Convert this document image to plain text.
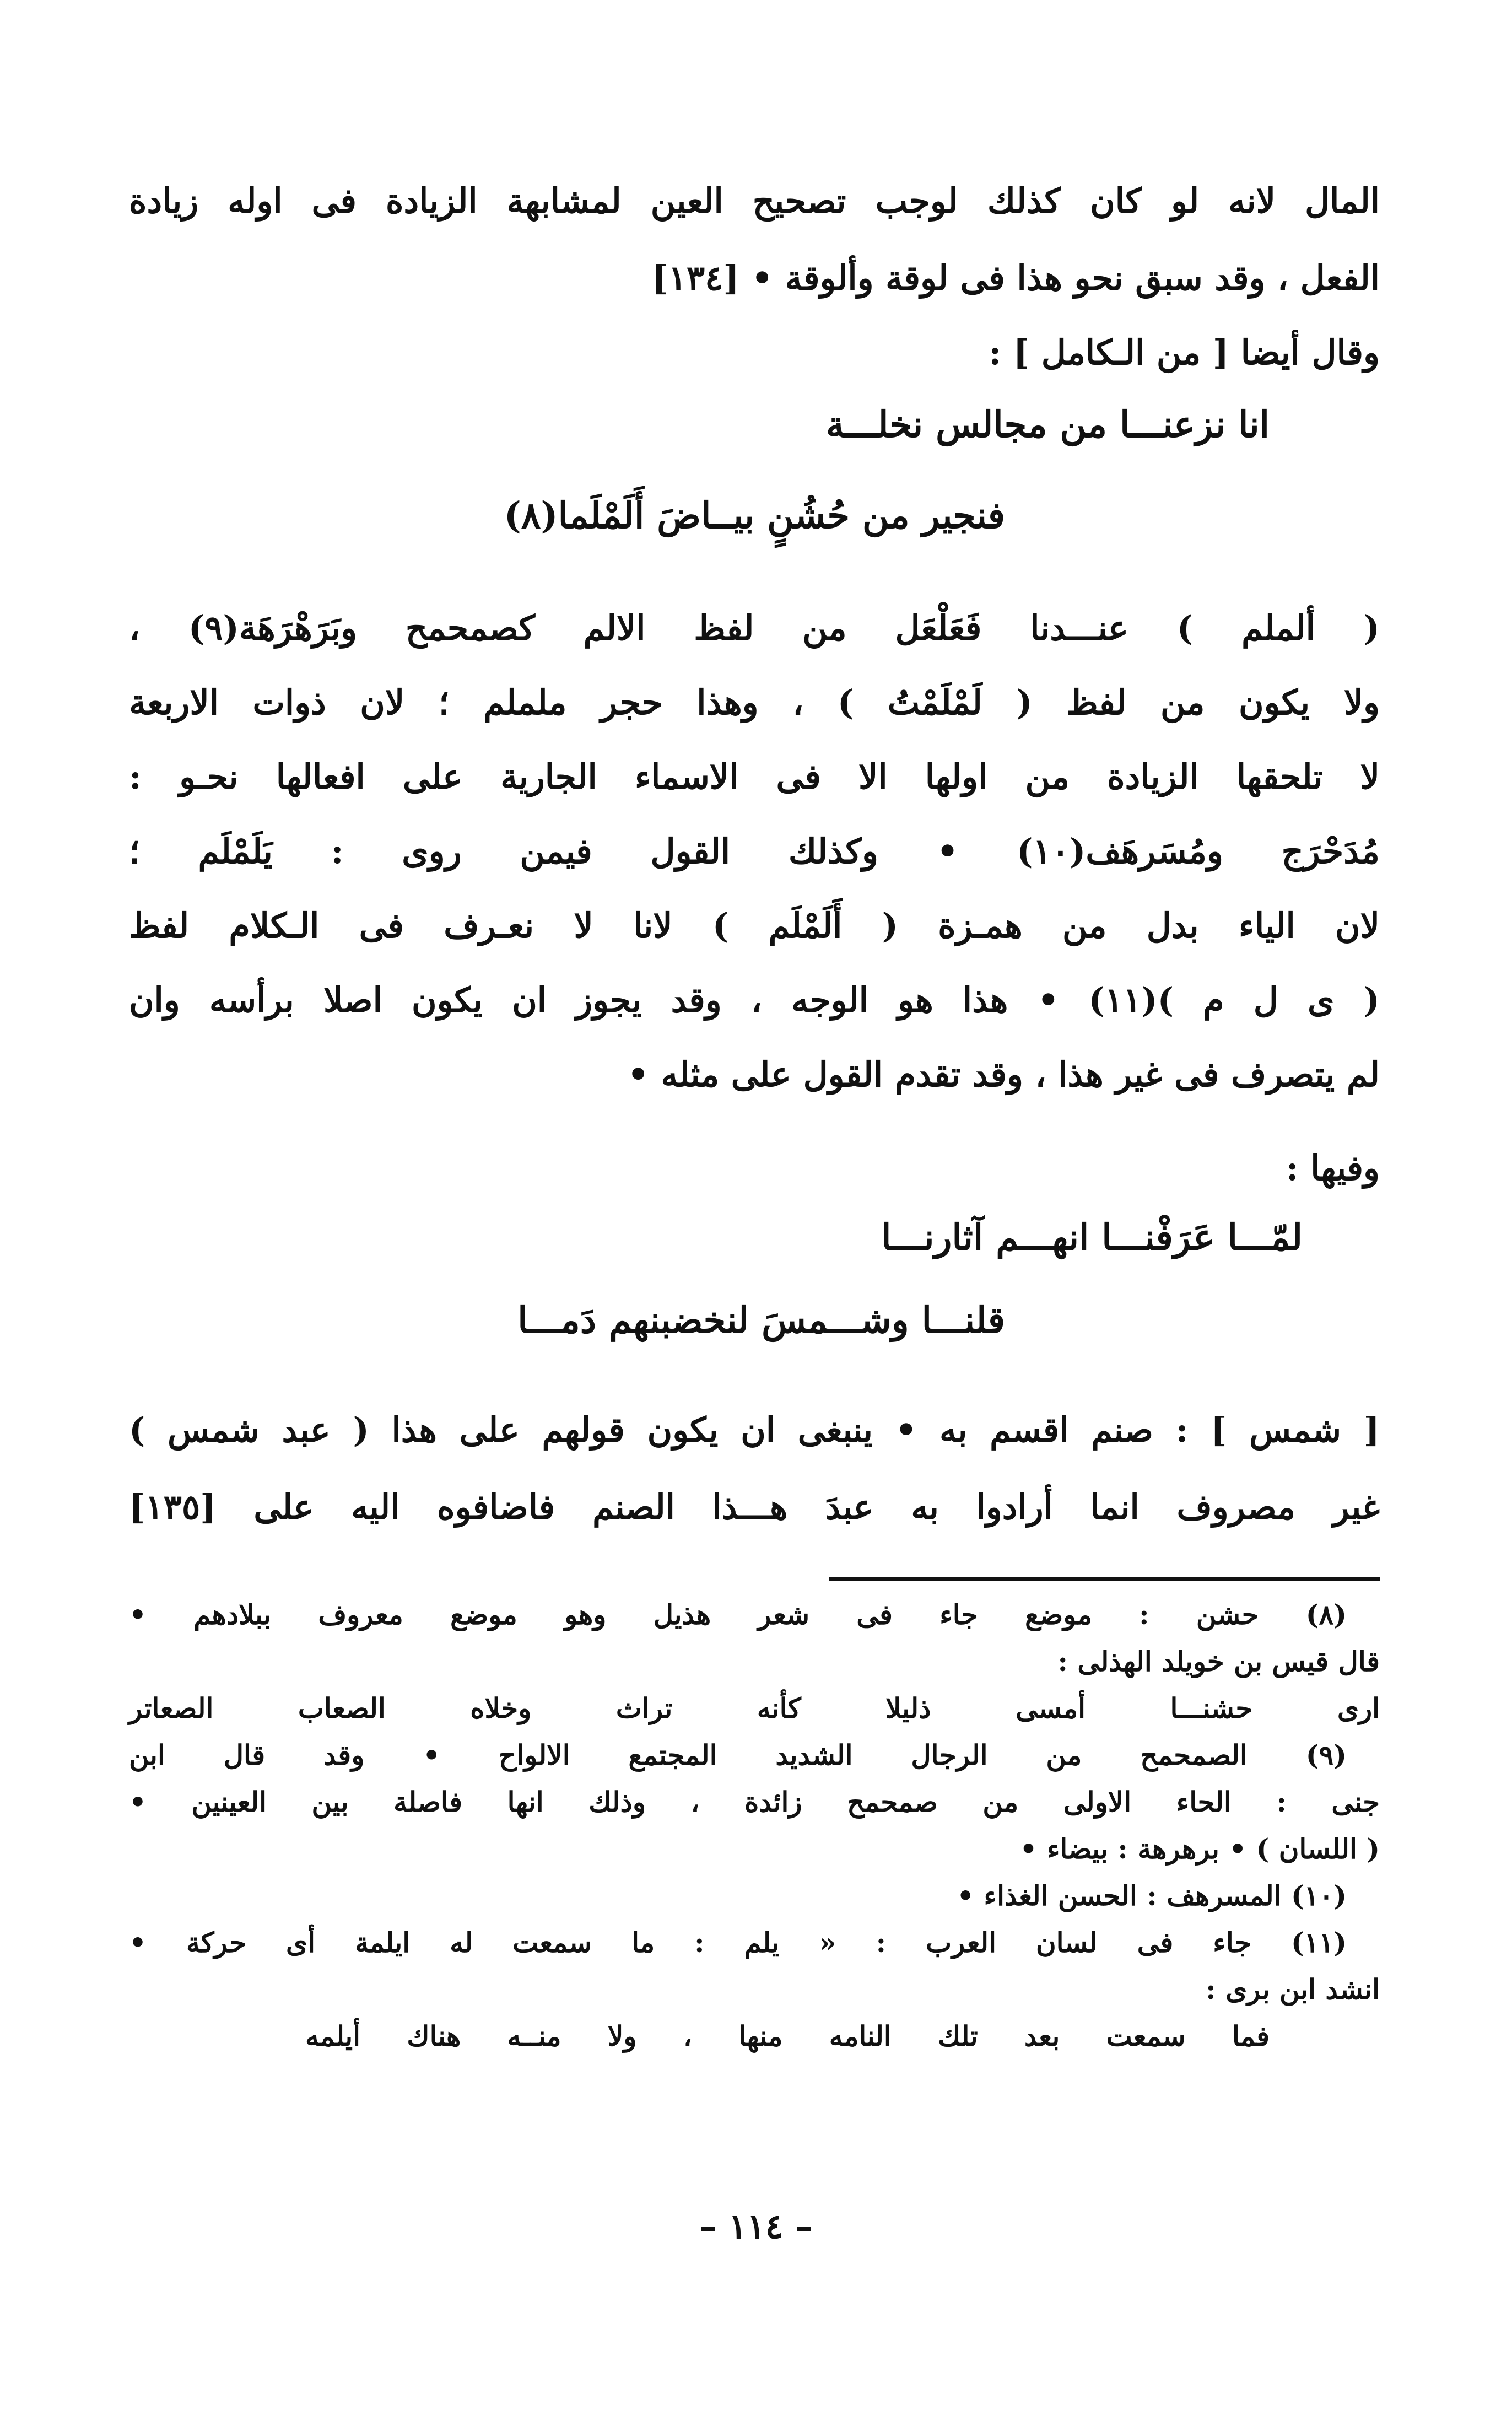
المال لانه لو كان كذلك لوجب تصحيح العين لمشابهة الزيادة فى اوله زيادة
الفعل ، وقد سبق نحو هذا فى لوقة وألوقة • [١٣٤]
وقال أيضا [ من الـكامل ] :
انا نزعنـــا من مجالس نخلـــة
فنجير من حُشُنٍ بيــاضَ أَلَمْلَما(٨)
( ألملم ) عنـــدنا فَعَلْعَل من لفظ الالم كصمحمح وبَرَهْرَهَة(٩) ،
ولا يكون من لفظ ( لَمْلَمْتُ ) ، وهذا حجر ململم ؛ لان ذوات الاربعة
لا تلحقها الزيادة من اولها الا فى الاسماء الجارية على افعالها نحـو :
مُدَحْرَج ومُسَرهَف(١٠) • وكذلك القول فيمن روى : يَلَمْلَم ؛
لان الياء بدل من همـزة ( أَلَمْلَم ) لانا لا نعـرف فى الـكلام لفظ
( ى ل م )(١١) • هذا هو الوجه ، وقد يجوز ان يكون اصلا برأسه وان
لم يتصرف فى غير هذا ، وقد تقدم القول على مثله •
وفيها :
لمّـــا عَرَفْنـــا انهـــم آثارنـــا
قلنـــا وشـــمسَ لنخضبنهم دَمـــا
[ شمس ] : صنم اقسم به • ينبغى ان يكون قولهم على هذا ( عبد شمس )
غير مصروف انما أرادوا به عبدَ هـــذا الصنم فاضافوه اليه على [١٣٥]
(٨) حشن : موضع جاء فى شعر هذيل وهو موضع معروف ببلادهم •
قال قيس بن خويلد الهذلى :
ارى حشنـــا أمسى ذليلا كأنه تراث وخلاه الصعاب الصعاتر
(٩) الصمحمح من الرجال الشديد المجتمع الالواح • وقد قال ابن
جنى : الحاء الاولى من صمحمح زائدة ، وذلك انها فاصلة بين العينين •
( اللسان ) • برهرهة : بيضاء •
(١٠) المسرهف : الحسن الغذاء •
(١١) جاء فى لسان العرب : « يلم : ما سمعت له ايلمة أى حركة •
انشد ابن برى :
فما سمعت بعد تلك النامه منها ، ولا منــه هناك أيلمه
– ١١٤ –
